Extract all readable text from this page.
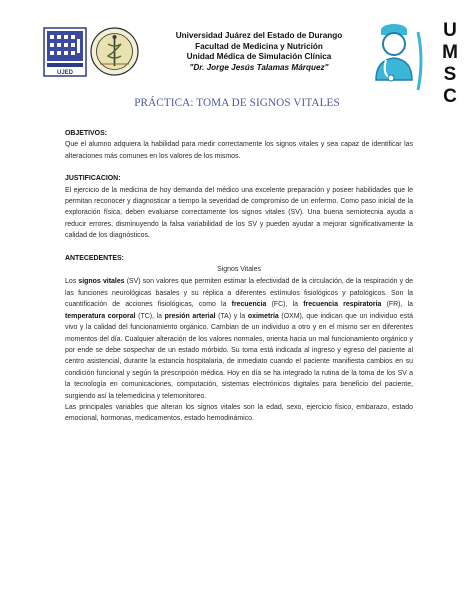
UJED
Universidad Juárez del Estado de Durango
Facultad de Medicina y Nutrición
Unidad Médica de Simulación Clínica
"Dr. Jorge Jesús Talamas Márquez"
U
M
S
C
PRÁCTICA: TOMA DE SIGNOS VITALES
OBJETIVOS:

Que el alumno adquiera la habilidad para medir correctamente los signos vitales y sea capaz de identificar las alteraciones más comunes en los valores de los mismos.

JUSTIFICACION:

El ejercicio de la medicina de hoy demanda del médico una excelente preparación y poseer habilidades que le permitan reconocer y diagnosticar a tiempo la severidad de compromiso de un enfermo. Como paso inicial de la exploración física, deben evaluarse correctamente los signos vitales (SV). Una buena semiotecnia ayuda a reducir errores, disminuyendo la falsa variabilidad de los SV y pueden ayudar a mejorar significativamente la calidad de los diagnósticos.

ANTECEDENTES:
Signos Vitales

Los signos vitales (SV) son valores que permiten estimar la efectividad de la circulación, de la respiración y de las funciones neurológicas basales y su réplica a diferentes estímulos fisiológicos y patológicos. Son la cuantificación de acciones fisiológicas, como la frecuencia (FC), la frecuencia respiratoria (FR), la temperatura corporal (TC), la presión arterial (TA) y la oximetría (OXM), que indican que un individuo está vivo y la calidad del funcionamiento orgánico. Cambian de un individuo a otro y en el mismo ser en diferentes momentos del día. Cualquier alteración de los valores normales, orienta hacia un mal funcionamiento orgánico y por ende se debe sospechar de un estado mórbido. Su toma está indicada al ingreso y egreso del paciente al centro asistencial, durante la estancia hospitalaria, de inmediato cuando el paciente manifiesta cambios en su condición funcional y según la prescripción médica. Hoy en día se ha integrado la rutina de la toma de los SV a la tecnología en comunicaciones, computación, sistemas electrónicos digitales para beneficio del paciente, surgiendo así la telemedicina y telemonitoreo.

Las principales variables que alteran los signos vitales son la edad, sexo, ejercicio físico, embarazo, estado emocional, hormonas, medicamentos, estado hemodinámico.
